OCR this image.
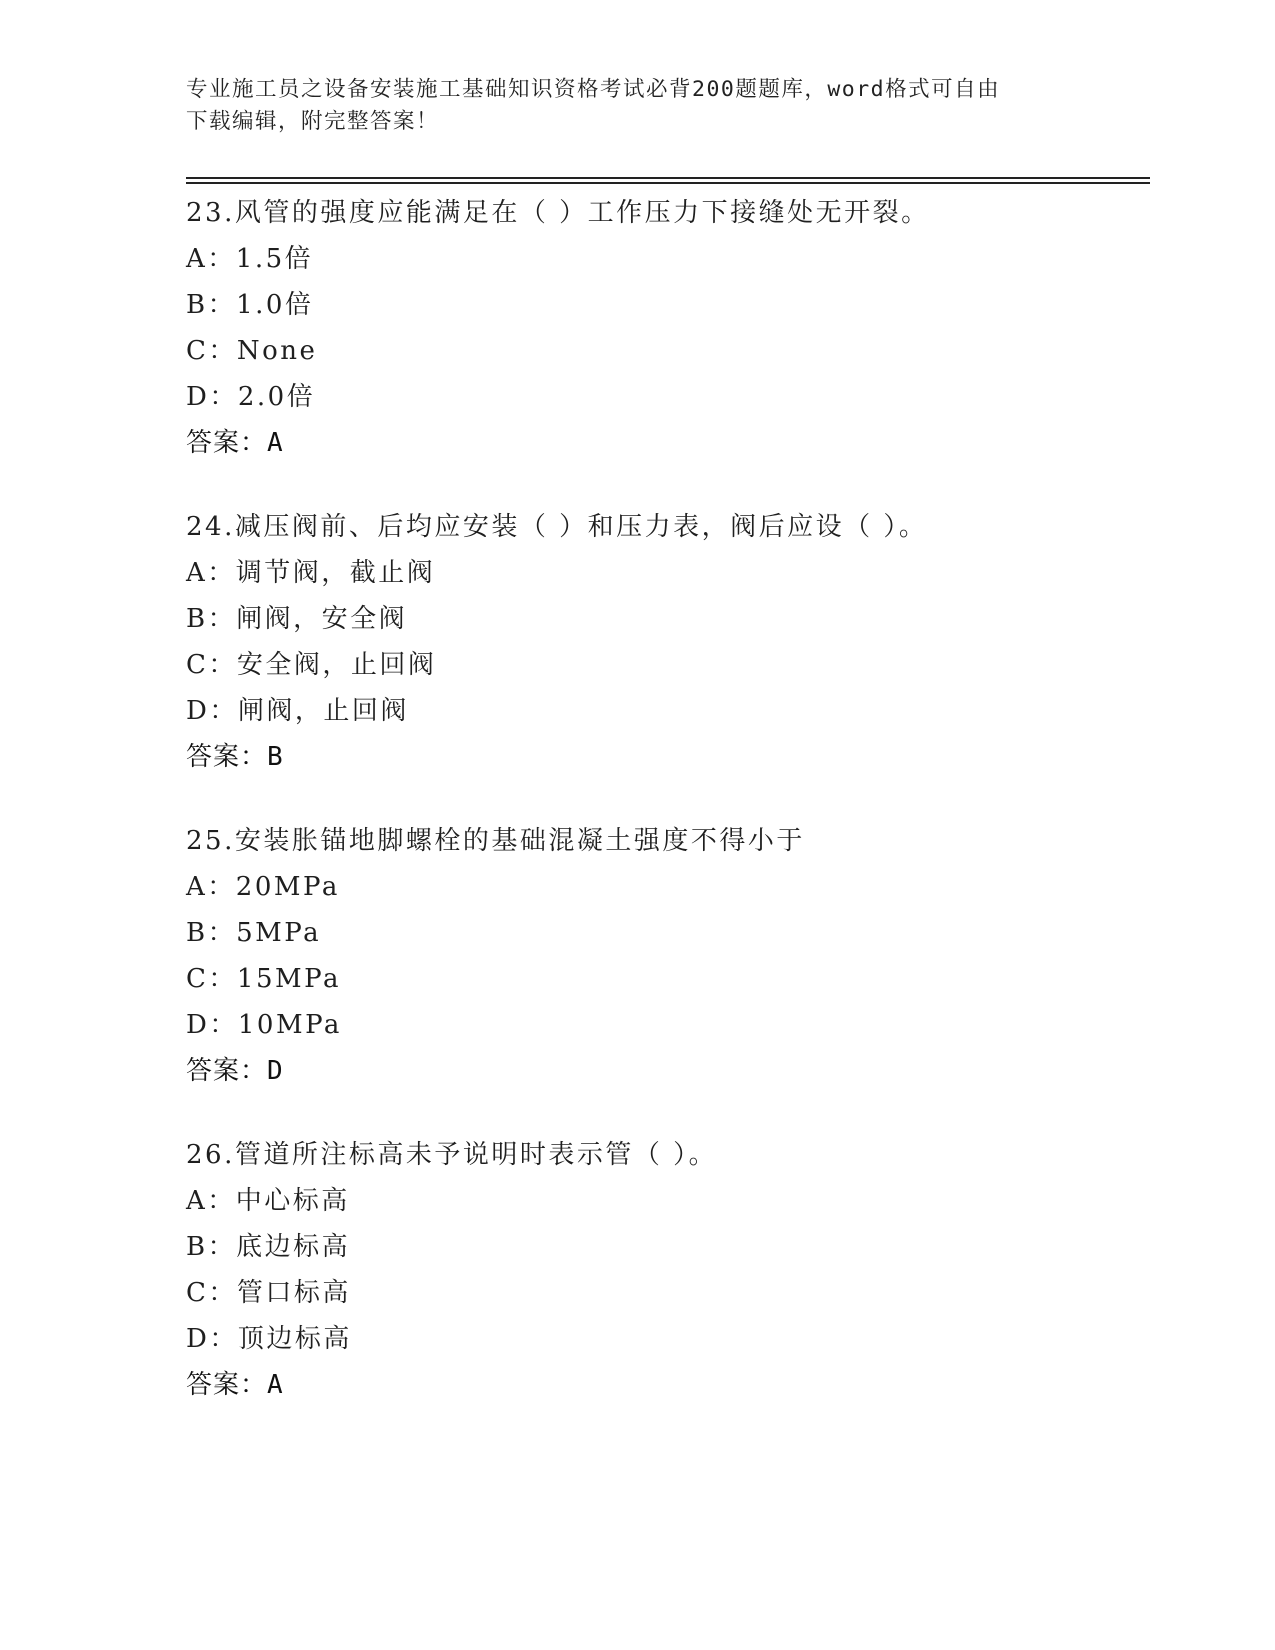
专业施工员之设备安装施工基础知识资格考试必背200题题库，word格式可自由
下载编辑，附完整答案！
23.风管的强度应能满足在（ ）工作压力下接缝处无开裂。
A：1.5倍
B：1.0倍
C：None
D：2.0倍
答案：A
24.减压阀前、后均应安装（ ）和压力表，阀后应设（ ）。
A：调节阀，截止阀
B：闸阀，安全阀
C：安全阀，止回阀
D：闸阀，止回阀
答案：B
25.安装胀锚地脚螺栓的基础混凝土强度不得小于
A：20MPa
B：5MPa
C：15MPa
D：10MPa
答案：D
26.管道所注标高未予说明时表示管（ ）。
A：中心标高
B：底边标高
C：管口标高
D：顶边标高
答案：A
